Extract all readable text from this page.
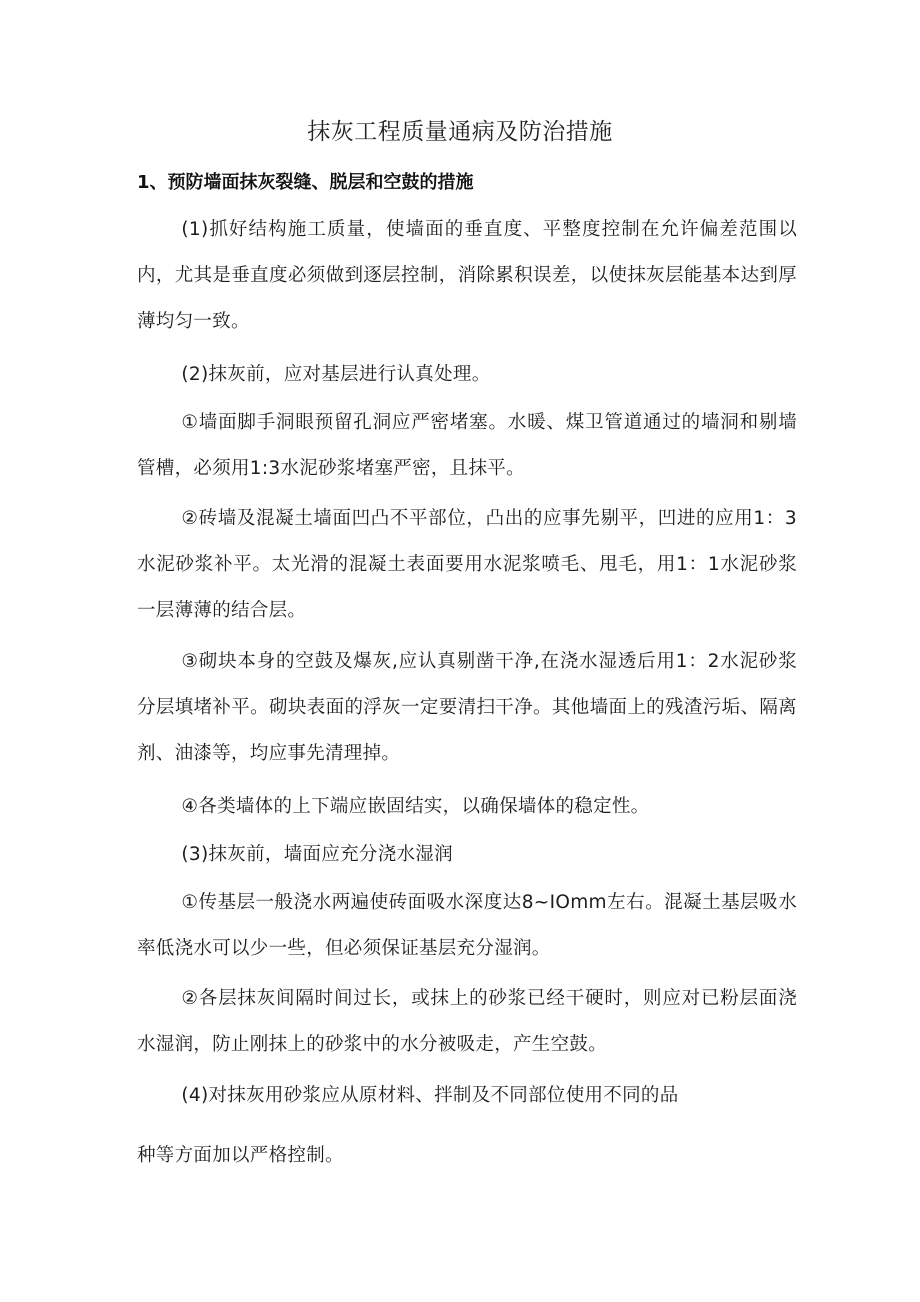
抹灰工程质量通病及防治措施
1、预防墙面抹灰裂缝、脱层和空鼓的措施
(1)抓好结构施工质量，使墙面的垂直度、平整度控制在允许偏差范围以内，尤其是垂直度必须做到逐层控制，消除累积误差，以使抹灰层能基本达到厚薄均匀一致。
(2)抹灰前，应对基层进行认真处理。
①墙面脚手洞眼预留孔洞应严密堵塞。水暖、煤卫管道通过的墙洞和剔墙管槽，必须用1:3水泥砂浆堵塞严密，且抹平。
②砖墙及混凝土墙面凹凸不平部位，凸出的应事先剔平，凹进的应用1：3水泥砂浆补平。太光滑的混凝土表面要用水泥浆喷毛、甩毛，用1：1水泥砂浆一层薄薄的结合层。
③砌块本身的空鼓及爆灰,应认真剔凿干净,在浇水湿透后用1：2水泥砂浆分层填堵补平。砌块表面的浮灰一定要清扫干净。其他墙面上的残渣污垢、隔离剂、油漆等，均应事先清理掉。
④各类墙体的上下端应嵌固结实，以确保墙体的稳定性。
(3)抹灰前，墙面应充分浇水湿润
①传基层一般浇水两遍使砖面吸水深度达8~IOmm左右。混凝土基层吸水率低浇水可以少一些，但必须保证基层充分湿润。
②各层抹灰间隔时间过长，或抹上的砂浆已经干硬时，则应对已粉层面浇水湿润，防止刚抹上的砂浆中的水分被吸走，产生空鼓。
(4)对抹灰用砂浆应从原材料、拌制及不同部位使用不同的品
种等方面加以严格控制。
